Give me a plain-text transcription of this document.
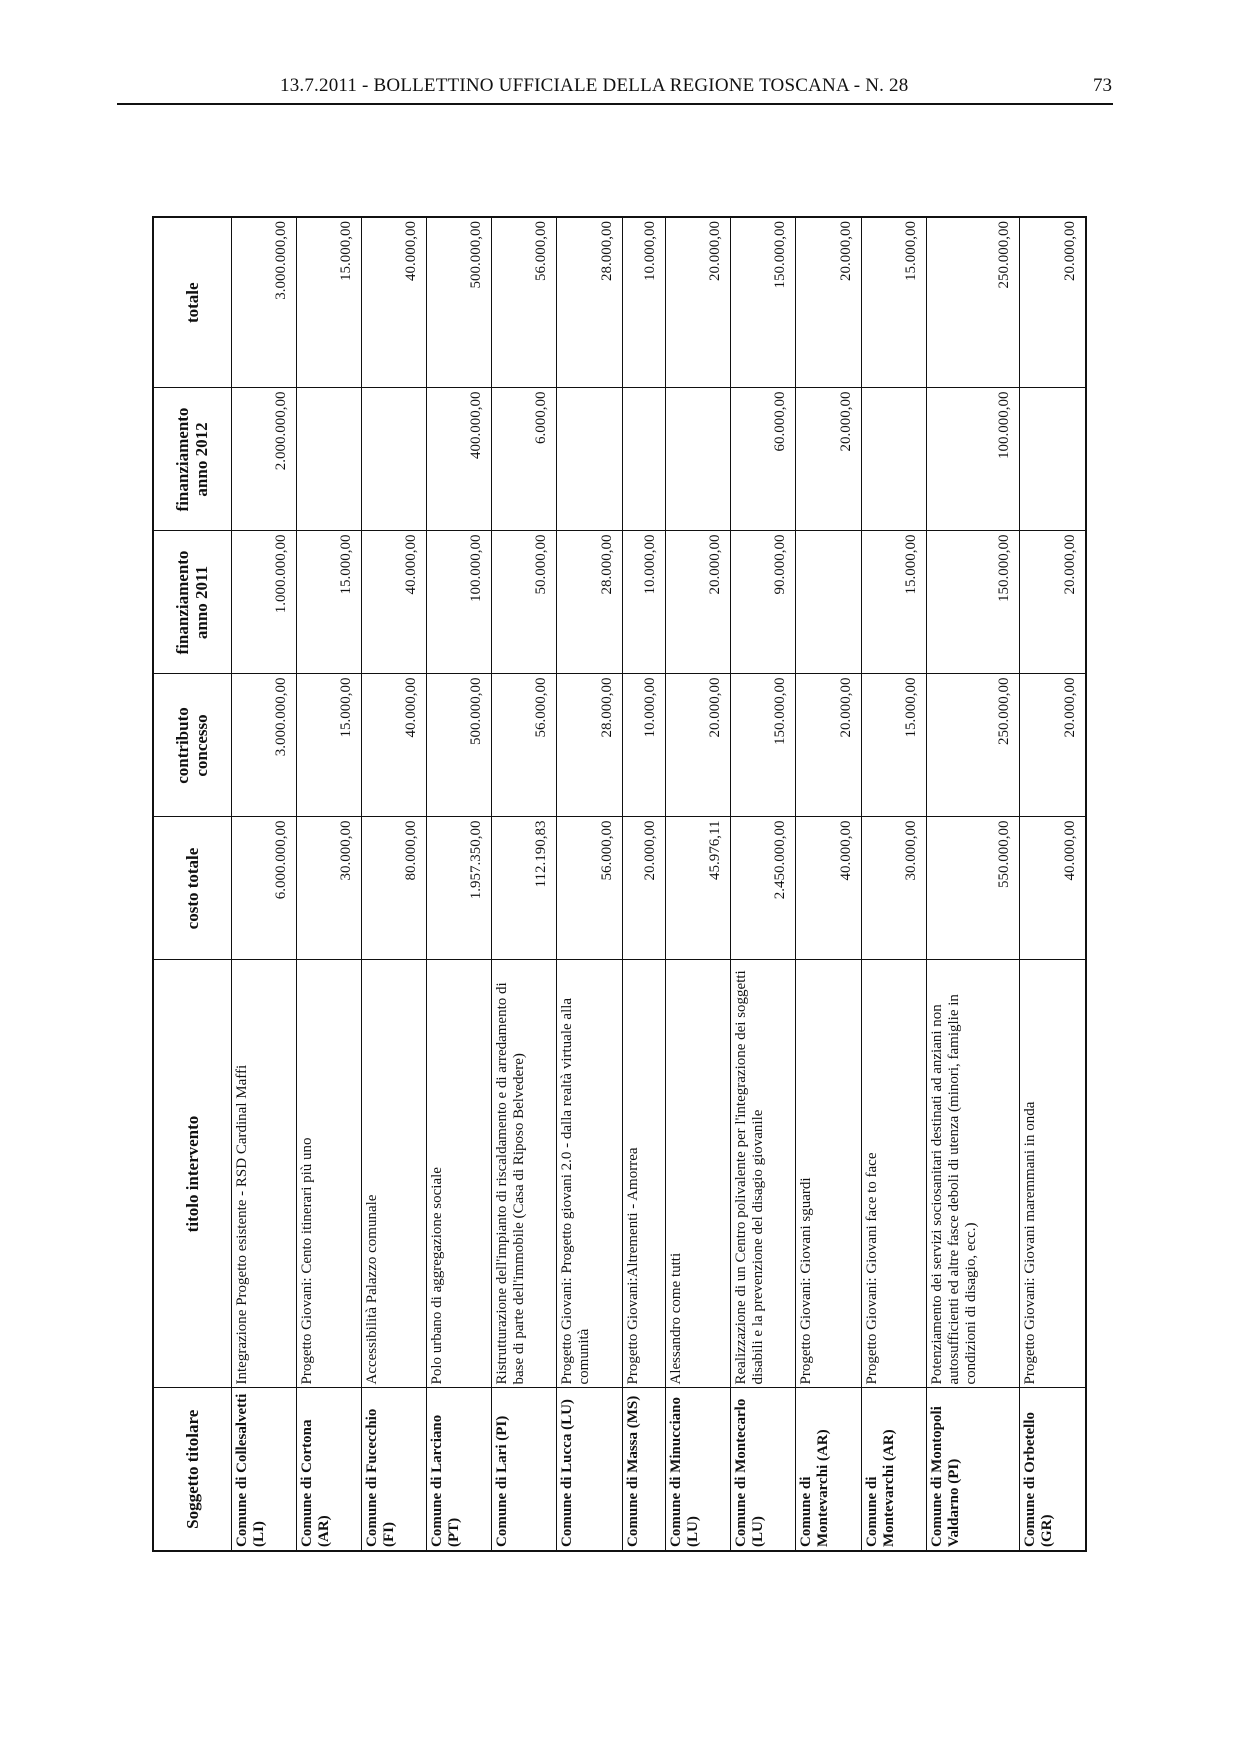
13.7.2011 - BOLLETTINO UFFICIALE DELLA REGIONE TOSCANA - N. 28	73
Soggetto titolare	titolo intervento	costo totale	contributo concesso	finanziamento anno 2011	finanziamento anno 2012	totale
Comune di Collesalvetti (LI)	Integrazione Progetto esistente - RSD Cardinal Maffi	6.000.000,00	3.000.000,00	1.000.000,00	2.000.000,00	3.000.000,00
Comune di Cortona (AR)	Progetto Giovani: Cento itinerari più uno	30.000,00	15.000,00	15.000,00		15.000,00
Comune di Fucecchio (FI)	Accessibilità Palazzo comunale	80.000,00	40.000,00	40.000,00		40.000,00
Comune di Larciano (PT)	Polo urbano di aggregazione sociale	1.957.350,00	500.000,00	100.000,00	400.000,00	500.000,00
Comune di Lari (PI)	Ristrutturazione dell'impianto di riscaldamento e di arredamento di base di parte dell'immobile (Casa di Riposo Belvedere)	112.190,83	56.000,00	50.000,00	6.000,00	56.000,00
Comune di Lucca (LU)	Progetto Giovani: Progetto giovani 2.0 - dalla realtà virtuale alla comunità	56.000,00	28.000,00	28.000,00		28.000,00
Comune di Massa (MS)	Progetto Giovani:Altrementi - Amorrea	20.000,00	10.000,00	10.000,00		10.000,00
Comune di Minucciano (LU)	Alessandro come tutti	45.976,11	20.000,00	20.000,00		20.000,00
Comune di Montecarlo (LU)	Realizzazione di un Centro polivalente per l'integrazione dei soggetti disabili e la prevenzione del disagio giovanile	2.450.000,00	150.000,00	90.000,00	60.000,00	150.000,00
Comune di Montevarchi (AR)	Progetto Giovani: Giovani sguardi	40.000,00	20.000,00		20.000,00	20.000,00
Comune di Montevarchi (AR)	Progetto Giovani: Giovani face to face	30.000,00	15.000,00	15.000,00		15.000,00
Comune di Montopoli Valdarno (PI)	Potenziamento dei servizi sociosanitari destinati ad anziani non autosufficienti ed altre fasce deboli di utenza (minori, famiglie in condizioni di disagio, ecc.)	550.000,00	250.000,00	150.000,00	100.000,00	250.000,00
Comune di Orbetello (GR)	Progetto Giovani: Giovani maremmani in onda	40.000,00	20.000,00	20.000,00		20.000,00
